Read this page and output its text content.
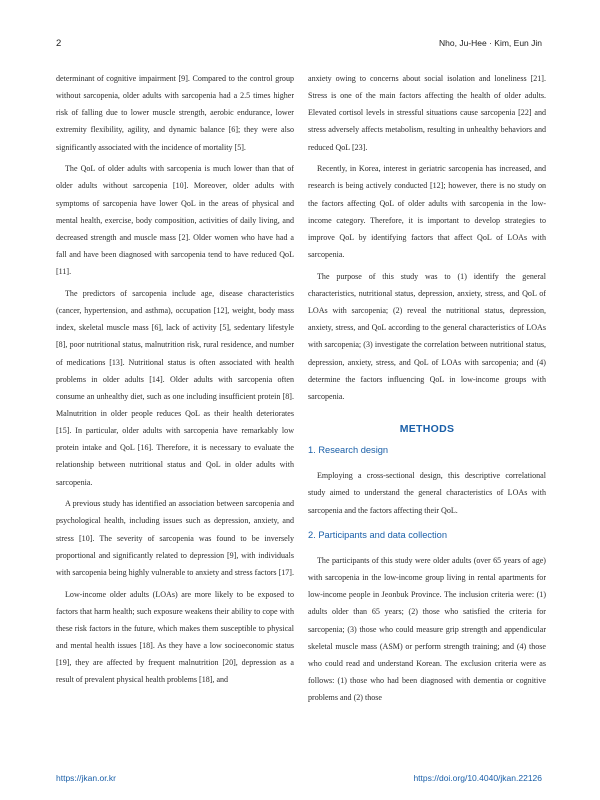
2	Nho, Ju-Hee · Kim, Eun Jin

determinant of cognitive impairment [9]. Compared to the control group without sarcopenia, older adults with sarcopenia had a 2.5 times higher risk of falling due to lower muscle strength, aerobic endurance, lower extremity flexibility, agility, and dynamic balance [6]; they were also significantly associated with the incidence of mortality [5].

The QoL of older adults with sarcopenia is much lower than that of older adults without sarcopenia [10]. Moreover, older adults with symptoms of sarcopenia have lower QoL in the areas of physical and mental health, exercise, body composition, activities of daily living, and decreased strength and muscle mass [2]. Older women who have had a fall and have been diagnosed with sarcopenia tend to have reduced QoL [11].

The predictors of sarcopenia include age, disease characteristics (cancer, hypertension, and asthma), occupation [12], weight, body mass index, skeletal muscle mass [6], lack of activity [5], sedentary lifestyle [8], poor nutritional status, malnutrition risk, rural residence, and number of medications [13]. Nutritional status is often associated with health problems in older adults [14]. Older adults with sarcopenia often consume an unhealthy diet, such as one including insufficient protein [8]. Malnutrition in older people reduces QoL as their health deteriorates [15]. In particular, older adults with sarcopenia have remarkably low protein intake and QoL [16]. Therefore, it is necessary to evaluate the relationship between nutritional status and QoL in older adults with sarcopenia.

A previous study has identified an association between sarcopenia and psychological health, including issues such as depression, anxiety, and stress [10]. The severity of sarcopenia was found to be inversely proportional and significantly related to depression [9], with individuals with sarcopenia being highly vulnerable to anxiety and stress factors [17].

Low-income older adults (LOAs) are more likely to be exposed to factors that harm health; such exposure weakens their ability to cope with these risk factors in the future, which makes them susceptible to physical and mental health issues [18]. As they have a low socioeconomic status [19], they are affected by frequent malnutrition [20], depression as a result of prevalent physical health problems [18], and

anxiety owing to concerns about social isolation and loneliness [21]. Stress is one of the main factors affecting the health of older adults. Elevated cortisol levels in stressful situations cause sarcopenia [22] and stress adversely affects metabolism, resulting in unhealthy behaviors and reduced QoL [23].

Recently, in Korea, interest in geriatric sarcopenia has increased, and research is being actively conducted [12]; however, there is no study on the factors affecting QoL of older adults with sarcopenia in the low-income category. Therefore, it is important to develop strategies to improve QoL by identifying factors that affect QoL of LOAs with sarcopenia.

The purpose of this study was to (1) identify the general characteristics, nutritional status, depression, anxiety, stress, and QoL of LOAs with sarcopenia; (2) reveal the nutritional status, depression, anxiety, stress, and QoL according to the general characteristics of LOAs with sarcopenia; (3) investigate the correlation between nutritional status, depression, anxiety, stress, and QoL of LOAs with sarcopenia; and (4) determine the factors influencing QoL in low-income groups with sarcopenia.

METHODS
1. Research design

Employing a cross-sectional design, this descriptive correlational study aimed to understand the general characteristics of LOAs with sarcopenia and the factors affecting their QoL.

2. Participants and data collection

The participants of this study were older adults (over 65 years of age) with sarcopenia in the low-income group living in rental apartments for low-income people in Jeonbuk Province. The inclusion criteria were: (1) adults older than 65 years; (2) those who satisfied the criteria for sarcopenia; (3) those who could measure grip strength and appendicular skeletal muscle mass (ASM) or perform strength training; and (4) those who could read and understand Korean. The exclusion criteria were as follows: (1) those who had been diagnosed with dementia or cognitive problems and (2) those

https://jkan.or.kr	https://doi.org/10.4040/jkan.22126
